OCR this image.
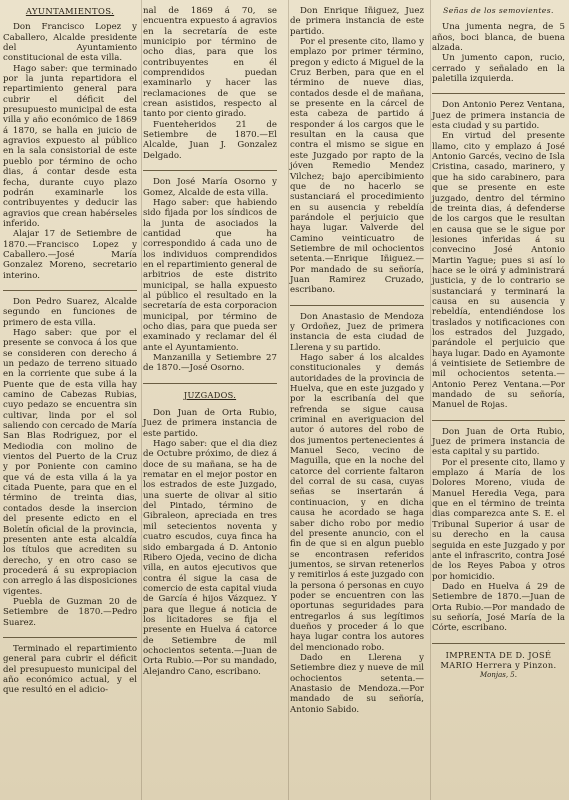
AYUNTAMIENTOS.

Don Francisco Lopez y Caballero, Alcalde presidente del Ayuntamiento constitucional de esta villa.

Hago saber: que terminado por la junta repartidora el repartimiento general para cubrir el déficit del presupuesto municipal de esta villa y año económico de 1869 á 1870, se halla en juicio de agravios expuesto al público en la sala consistorial de este pueblo por término de ocho dias, á contar desde esta fecha, durante cuyo plazo podrán examinarle los contribuyentes y deducir las agravios que crean habérseles inferido.

Alajar 17 de Setiembre de 1870.—Francisco Lopez y Caballero.—José María Gonzalez Moreno, secretario interino.

Don Pedro Suarez, Alcalde segundo en funciones de primero de esta villa.

Hago saber: que por el presente se convoca á los que se consideren con derecho á un pedazo de terreno situado en la corriente que sube á la Puente que de esta villa hay camino de Cabezas Rubias, cuyo pedazo se encuentra sin cultivar, linda por el sol saliendo con cercado de María San Blas Rodriguez, por el Mediodia con molino de vientos del Puerto de la Cruz y por Poniente con camino que vá de esta villa á la ya citada Puente, para que en el término de treinta dias, contados desde la insercion del presente edicto en el Boletín oficial de la provincia, presenten ante esta alcaldía los títulos que acrediten su derecho, y en otro caso se procederá á su expropiacion con arreglo á las disposiciones vigentes.

Puebla de Guzman 20 de Setiembre de 1870.—Pedro Suarez.

Terminado el repartimiento general para cubrir el déficit del presupuesto municipal del año económico actual, y el que resultó en el adicio-

nal de 1869 á 70, se encuentra expuesto á agravios en la secretaría de este municipio por término de ocho dias, para que los contribuyentes en él comprendidos puedan examinarlo y hacer las reclamaciones de que se crean asistidos, respecto al tanto por ciento girado.

Fuenteheridos 21 de Setiembre de 1870.—El Alcalde, Juan J. Gonzalez Delgado.

Don José María Osorno y Gomez, Alcalde de esta villa.

Hago saber: que habiendo sido fijada por los síndicos de la junta de asociados la cantidad que ha correspondido á cada uno de los individuos comprendidos en el repartimiento general de arbitrios de este distrito municipal, se halla expuesto al público el resultado en la secretaría de esta corporacion municipal, por término de ocho dias, para que pueda ser examinado y reclamar del él ante el Ayuntamiento.

Manzanilla y Setiembre 27 de 1870.—José Osorno.

JUZGADOS.

Don Juan de Orta Rubio, Juez de primera instancia de este partido.

Hago saber: que el dia diez de Octubre próximo, de diez á doce de su mañana, se ha de rematar en el mejor postor en los estrados de este Juzgado, una suerte de olivar al sitio del Pintado, término de Gibraleon, apreciada en tres mil setecientos noventa y cuatro escudos, cuya finca ha sido embargada á D. Antonio Ribero Ojeda, vecino de dicha villa, en autos ejecutivos que contra él sigue la casa de comercio de esta capital viuda de García é hijos Vázquez. Y para que llegue á noticia de los licitadores se fija el presente en Huelva á catorce de Setiembre de mil ochocientos setenta.—Juan de Orta Rubio.—Por su mandado, Alejandro Cano, escribano.

Don Enrique Iñiguez, Juez de primera instancia de este partido.

Por el presente cito, llamo y emplazo por primer término, pregon y edicto á Miguel de la Cruz Berben, para que en el término de nueve dias, contados desde el de mañana, se presente en la cárcel de esta cabeza de partido á responder á los cargos que le resultan en la causa que contra el mismo se sigue en este Juzgado por rapto de la jóven Remedio Mendez Vilchez; bajo apercibimiento que de no hacerlo se sustanciará el procedimiento en su ausencia y rebeldía parándole el perjuicio que haya lugar. Valverde del Camino veinticuatro de Setiembre de mil ochocientos setenta.—Enrique Iñiguez.—Por mandado de su señoría, Juan Ramirez Cruzado, escribano.

Don Anastasio de Mendoza y Ordoñez, Juez de primera instancia de esta ciudad de Llerena y su partido.

Hago saber á los alcaldes constitucionales y demás autoridades de la provincia de Huelva, que en este juzgado y por la escribanía del que refrenda se sigue causa criminal en averiguacion del autor ó autores del robo de dos jumentos pertenecientes á Manuel Seco, vecino de Maguilla, que en la noche del catorce del corriente faltaron del corral de su casa, cuyas señas se insertarán á continuacion, y en dicha causa he acordado se haga saber dicho robo por medio del presente anuncio, con el fin de que si en algun pueblo se encontrasen referidos jumentos, se sirvan retenerlos y remitirlos á este juzgado con la persona ó personas en cuyo poder se encuentren con las oportunas seguridades para entregarlos á sus legítimos dueños y proceder á lo que haya lugar contra los autores del mencionado robo.

Dado en Llerena y Setiembre diez y nueve de mil ochocientos setenta.—Anastasio de Mendoza.—Por mandado de su señoría, Antonio Sabido.

Señas de los semovientes.

Una jumenta negra, de 5 años, boci blanca, de buena alzada.

Un jumento capon, rucio, cerrado y señalado en la paletilla izquierda.

Don Antonio Perez Ventana, Juez de primera instancia de esta ciudad y su partido.

En virtud del presente llamo, cito y emplazo á José Antonio Garcés, vecino de Isla Cristina, casado, marinero, y que ha sido carabinero, para que se presente en este juzgado, dentro del término de treinta dias, á defenderse de los cargos que le resultan en causa que se le sigue por lesiones inferidas á su convecino José Antonio Martin Yague; pues si así lo hace se le oirá y administrará justicia, y de lo contrario se sustanciará y terminará la causa en su ausencia y rebeldía, entendiéndose los traslados y notificaciones con los estrados del Juzgado, parándole el perjuicio que haya lugar. Dado en Ayamonte á veintisiete de Setiembre de mil ochocientos setenta.—Antonio Perez Ventana.—Por mandado de su señoría, Manuel de Rojas.

Don Juan de Orta Rubio, Juez de primera instancia de esta capital y su partido.

Por el presente cito, llamo y emplazo á María de los Dolores Moreno, viuda de Manuel Heredia Vega, para que en el término de treinta dias comparezca ante S. E. el Tribunal Superior á usar de su derecho en la causa seguida en este Juzgado y por ante el infrascrito, contra José de los Reyes Paboa y otros por homicidio.

Dado en Huelva á 29 de Setiembre de 1870.—Juan de Orta Rubio.—Por mandado de su señoría, José María de la Córte, escribano.

IMPRENTA DE D. JOSÉ MARIO Herrera y Pinzon.
Monjas, 5.
